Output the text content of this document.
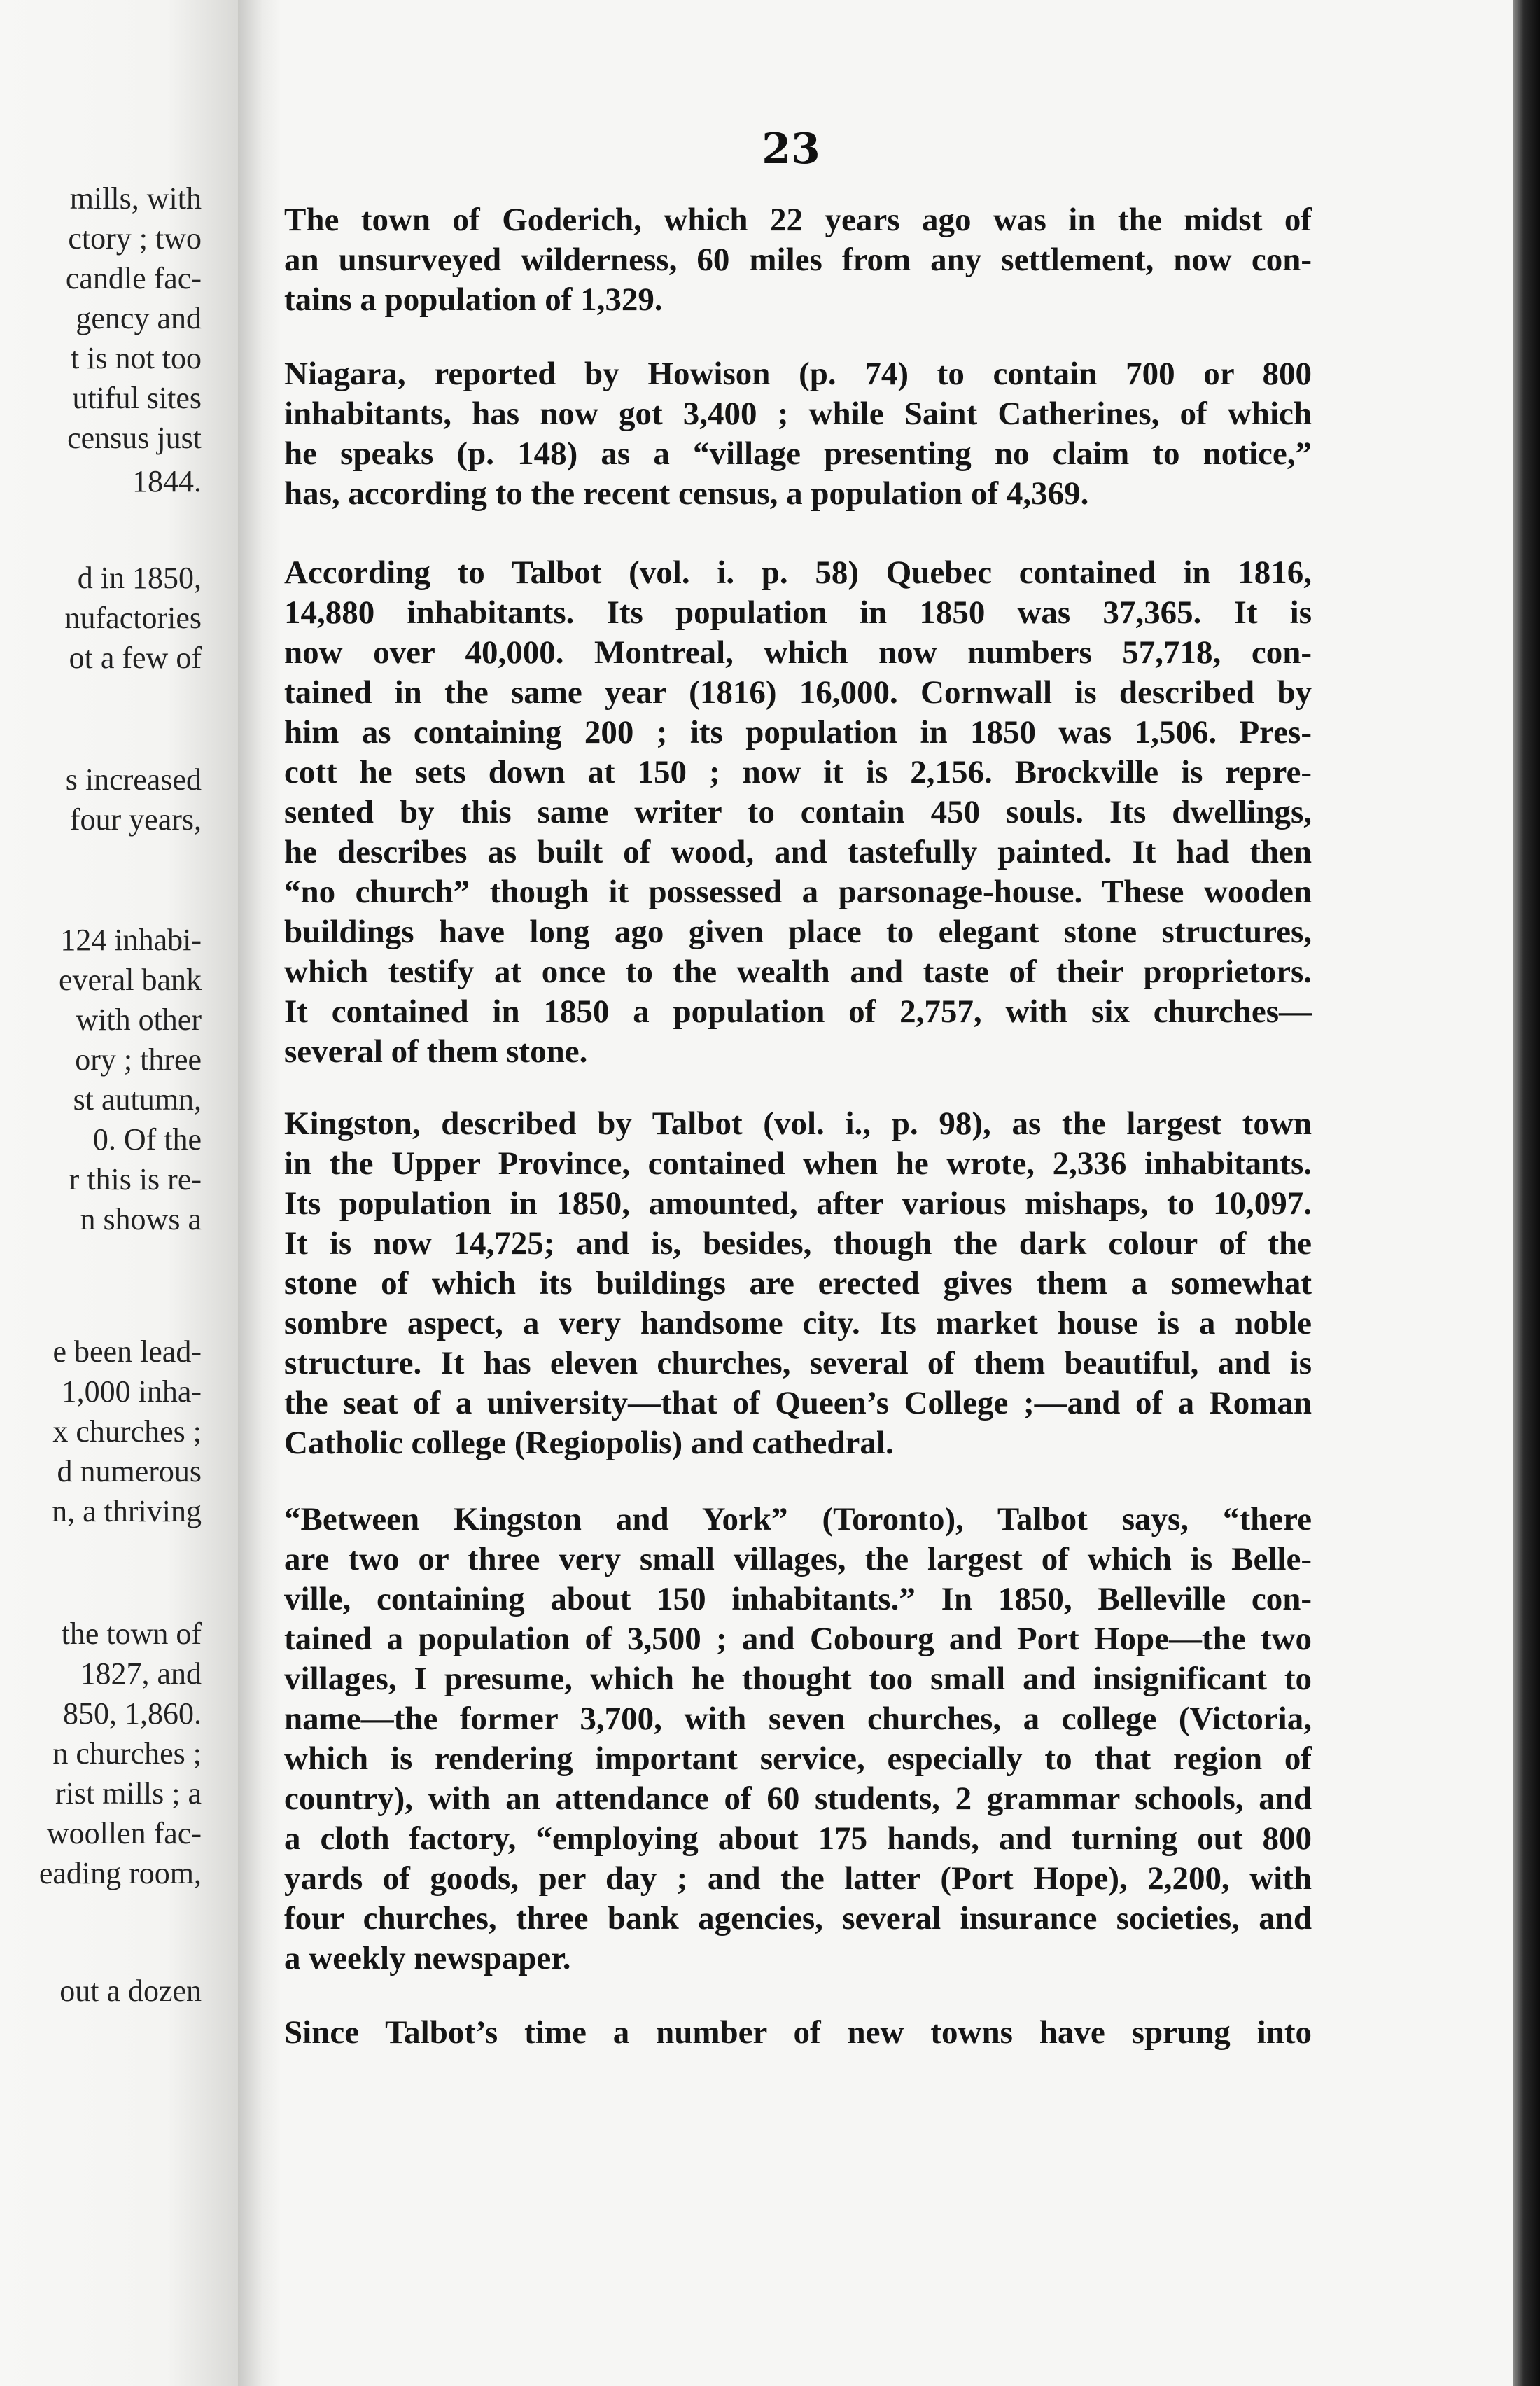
mills, with
ctory ; two
candle fac-
gency and
t is not too
utiful sites
census just
1844.
d in 1850,
nufactories
ot a few of
s increased
four years,
124 inhabi-
everal bank
with other
ory ; three
st autumn,
0. Of the
r this is re-
n shows a
e been lead-
1,000 inha-
x churches ;
d numerous
n, a thriving
the town of
1827, and
850, 1,860.
n churches ;
rist mills ; a
woollen fac-
eading room,
out a dozen
23
The town of Goderich, which 22 years ago was in the midst of
an unsurveyed wilderness, 60 miles from any settlement, now con-
tains a population of 1,329.
Niagara, reported by Howison (p. 74) to contain 700 or 800
inhabitants, has now got 3,400 ; while Saint Catherines, of which
he speaks (p. 148) as a “village presenting no claim to notice,”
has, according to the recent census, a population of 4,369.
According to Talbot (vol. i. p. 58) Quebec contained in 1816,
14,880 inhabitants. Its population in 1850 was 37,365. It is
now over 40,000. Montreal, which now numbers 57,718, con-
tained in the same year (1816) 16,000. Cornwall is described by
him as containing 200 ; its population in 1850 was 1,506. Pres-
cott he sets down at 150 ; now it is 2,156. Brockville is repre-
sented by this same writer to contain 450 souls. Its dwellings,
he describes as built of wood, and tastefully painted. It had then
“no church” though it possessed a parsonage-house. These wooden
buildings have long ago given place to elegant stone structures,
which testify at once to the wealth and taste of their proprietors.
It contained in 1850 a population of 2,757, with six churches—
several of them stone.
Kingston, described by Talbot (vol. i., p. 98), as the largest town
in the Upper Province, contained when he wrote, 2,336 inhabitants.
Its population in 1850, amounted, after various mishaps, to 10,097.
It is now 14,725; and is, besides, though the dark colour of the
stone of which its buildings are erected gives them a somewhat
sombre aspect, a very handsome city. Its market house is a noble
structure. It has eleven churches, several of them beautiful, and is
the seat of a university—that of Queen’s College ;—and of a Roman
Catholic college (Regiopolis) and cathedral.
“Between Kingston and York” (Toronto), Talbot says, “there
are two or three very small villages, the largest of which is Belle-
ville, containing about 150 inhabitants.” In 1850, Belleville con-
tained a population of 3,500 ; and Cobourg and Port Hope—the two
villages, I presume, which he thought too small and insignificant to
name—the former 3,700, with seven churches, a college (Victoria,
which is rendering important service, especially to that region of
country), with an attendance of 60 students, 2 grammar schools, and
a cloth factory, “employing about 175 hands, and turning out 800
yards of goods, per day ; and the latter (Port Hope), 2,200, with
four churches, three bank agencies, several insurance societies, and
a weekly newspaper.
Since Talbot’s time a number of new towns have sprung into
